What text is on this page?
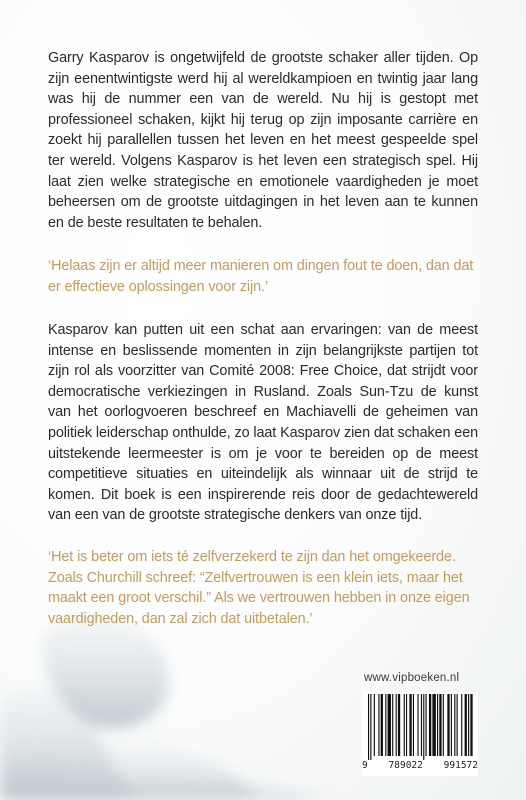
Garry Kasparov is ongetwijfeld de grootste schaker aller tijden. Op zijn eenentwintigste werd hij al wereldkampioen en twintig jaar lang was hij de nummer een van de wereld. Nu hij is gestopt met professioneel schaken, kijkt hij terug op zijn imposante carrière en zoekt hij parallellen tussen het leven en het meest gespeelde spel ter wereld. Volgens Kasparov is het leven een strategisch spel. Hij laat zien welke strategische en emotionele vaardigheden je moet beheersen om de grootste uitdagingen in het leven aan te kunnen en de beste resultaten te behalen.
‘Helaas zijn er altijd meer manieren om dingen fout te doen, dan dat er effectieve oplossingen voor zijn.’
Kasparov kan putten uit een schat aan ervaringen: van de meest intense en beslissende momenten in zijn belangrijkste partijen tot zijn rol als voorzitter van Comité 2008: Free Choice, dat strijdt voor democratische verkiezingen in Rusland. Zoals Sun-Tzu de kunst van het oorlogvoeren beschreef en Machiavelli de geheimen van politiek leiderschap onthulde, zo laat Kasparov zien dat schaken een uitstekende leermeester is om je voor te bereiden op de meest competitieve situaties en uiteindelijk als winnaar uit de strijd te komen. Dit boek is een inspirerende reis door de gedachtewereld van een van de grootste strategische denkers van onze tijd.
‘Het is beter om iets té zelfverzekerd te zijn dan het omgekeerde. Zoals Churchill schreef: “Zelfvertrouwen is een klein iets, maar het maakt een groot verschil.” Als we vertrouwen hebben in onze eigen vaardigheden, dan zal zich dat uitbetalen.’
www.vipboeken.nl
9 789022 991572
